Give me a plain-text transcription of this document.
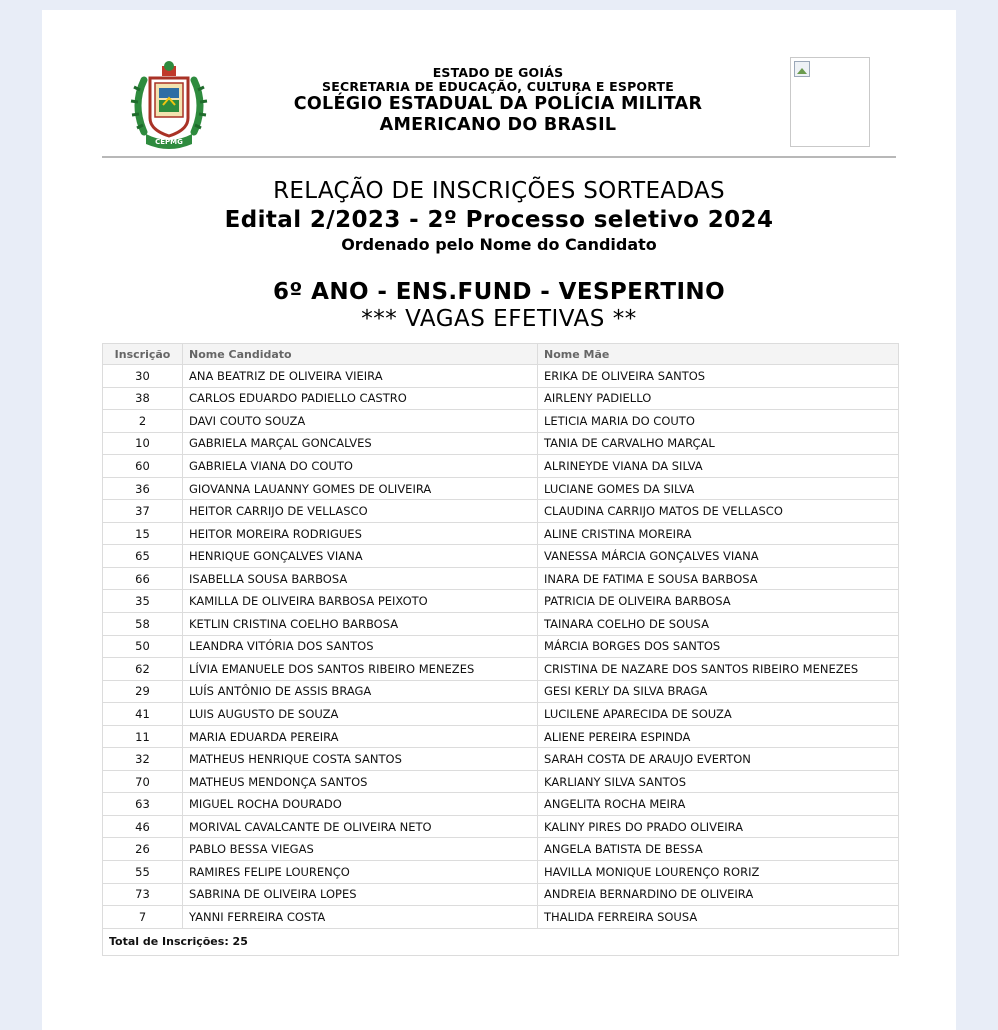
CEPMG
ESTADO DE GOIÁS
SECRETARIA DE EDUCAÇÃO, CULTURA E ESPORTE
COLÉGIO ESTADUAL DA POLÍCIA MILITAR
AMERICANO DO BRASIL
RELAÇÃO DE INSCRIÇÕES SORTEADAS
Edital 2/2023 - 2º Processo seletivo 2024
Ordenado pelo Nome do Candidato
6º ANO - ENS.FUND - VESPERTINO
*** VAGAS EFETIVAS **
Inscrição	Nome Candidato	Nome Mãe
30	ANA BEATRIZ DE OLIVEIRA VIEIRA	ERIKA DE OLIVEIRA SANTOS
38	CARLOS EDUARDO PADIELLO CASTRO	AIRLENY PADIELLO
2	DAVI COUTO SOUZA	LETICIA MARIA DO COUTO
10	GABRIELA MARÇAL GONCALVES	TANIA DE CARVALHO MARÇAL
60	GABRIELA VIANA DO COUTO	ALRINEYDE VIANA DA SILVA
36	GIOVANNA LAUANNY GOMES DE OLIVEIRA	LUCIANE GOMES DA SILVA
37	HEITOR CARRIJO DE VELLASCO	CLAUDINA CARRIJO MATOS DE VELLASCO
15	HEITOR MOREIRA RODRIGUES	ALINE CRISTINA MOREIRA
65	HENRIQUE GONÇALVES VIANA	VANESSA MÁRCIA GONÇALVES VIANA
66	ISABELLA SOUSA BARBOSA	INARA DE FATIMA E SOUSA BARBOSA
35	KAMILLA DE OLIVEIRA BARBOSA PEIXOTO	PATRICIA DE OLIVEIRA BARBOSA
58	KETLIN CRISTINA COELHO BARBOSA	TAINARA COELHO DE SOUSA
50	LEANDRA VITÓRIA DOS SANTOS	MÁRCIA BORGES DOS SANTOS
62	LÍVIA EMANUELE DOS SANTOS RIBEIRO MENEZES	CRISTINA DE NAZARE DOS SANTOS RIBEIRO MENEZES
29	LUÍS ANTÔNIO DE ASSIS BRAGA	GESI KERLY DA SILVA BRAGA
41	LUIS AUGUSTO DE SOUZA	LUCILENE APARECIDA DE SOUZA
11	MARIA EDUARDA PEREIRA	ALIENE PEREIRA ESPINDA
32	MATHEUS HENRIQUE COSTA SANTOS	SARAH COSTA DE ARAUJO EVERTON
70	MATHEUS MENDONÇA SANTOS	KARLIANY SILVA SANTOS
63	MIGUEL ROCHA DOURADO	ANGELITA ROCHA MEIRA
46	MORIVAL CAVALCANTE DE OLIVEIRA NETO	KALINY PIRES DO PRADO OLIVEIRA
26	PABLO BESSA VIEGAS	ANGELA BATISTA DE BESSA
55	RAMIRES FELIPE LOURENÇO	HAVILLA MONIQUE LOURENÇO RORIZ
73	SABRINA DE OLIVEIRA LOPES	ANDREIA BERNARDINO DE OLIVEIRA
7	YANNI FERREIRA COSTA	THALIDA FERREIRA SOUSA
Total de Inscrições: 25		
